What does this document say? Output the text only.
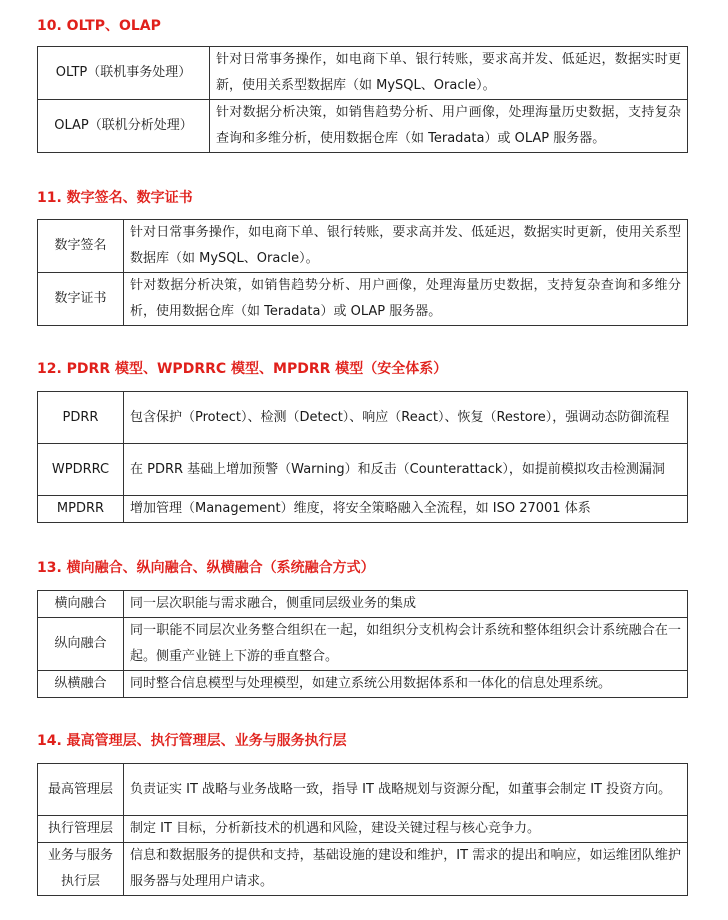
10. OLTP、OLAP
OLTP（联机事务处理）	针对日常事务操作，如电商下单、银行转账，要求高并发、低延迟，数据实时更新，使用关系型数据库（如 MySQL、Oracle）。
OLAP（联机分析处理）	针对数据分析决策，如销售趋势分析、用户画像，处理海量历史数据，支持复杂查询和多维分析，使用数据仓库（如 Teradata）或 OLAP 服务器。
11. 数字签名、数字证书
数字签名	针对日常事务操作，如电商下单、银行转账，要求高并发、低延迟，数据实时更新，使用关系型数据库（如 MySQL、Oracle）。
数字证书	针对数据分析决策，如销售趋势分析、用户画像，处理海量历史数据，支持复杂查询和多维分析，使用数据仓库（如 Teradata）或 OLAP 服务器。
12. PDRR 模型、WPDRRC 模型、MPDRR 模型（安全体系）
PDRR	包含保护（Protect）、检测（Detect）、响应（React）、恢复（Restore），强调动态防御流程
WPDRRC	在 PDRR 基础上增加预警（Warning）和反击（Counterattack），如提前模拟攻击检测漏洞
MPDRR	增加管理（Management）维度，将安全策略融入全流程，如 ISO 27001 体系
13. 横向融合、纵向融合、纵横融合（系统融合方式）
横向融合	同一层次职能与需求融合，侧重同层级业务的集成
纵向融合	同一职能不同层次业务整合组织在一起，如组织分支机构会计系统和整体组织会计系统融合在一起。侧重产业链上下游的垂直整合。
纵横融合	同时整合信息模型与处理模型，如建立系统公用数据体系和一体化的信息处理系统。
14. 最高管理层、执行管理层、业务与服务执行层
最高管理层	负责证实 IT 战略与业务战略一致，指导 IT 战略规划与资源分配，如董事会制定 IT 投资方向。
执行管理层	制定 IT 目标，分析新技术的机遇和风险，建设关键过程与核心竞争力。
业务与服务执行层	信息和数据服务的提供和支持，基础设施的建设和维护，IT 需求的提出和响应，如运维团队维护服务器与处理用户请求。
